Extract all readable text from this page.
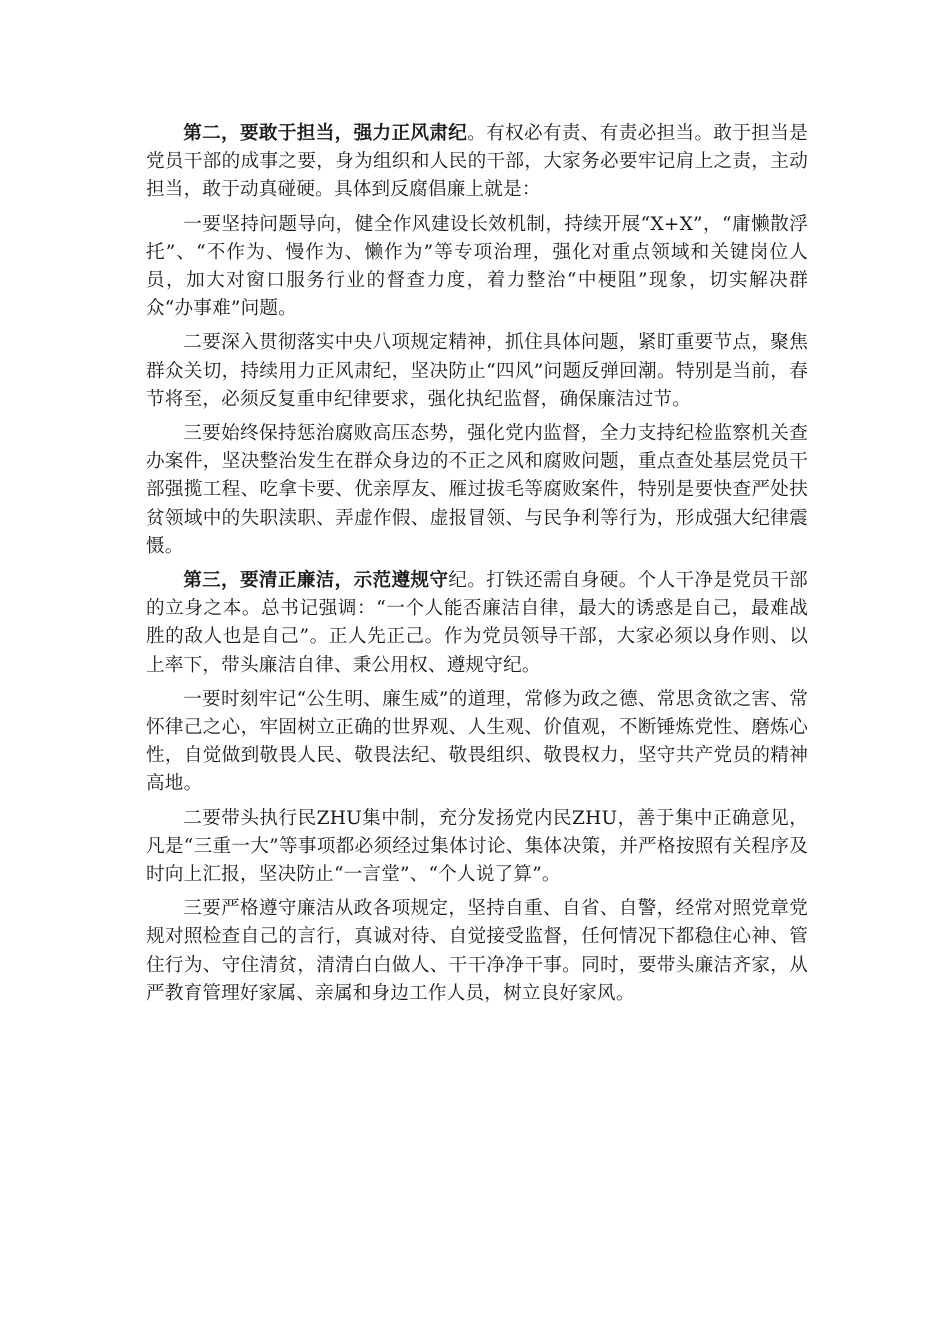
第二，要敢于担当，强力正风肃纪。有权必有责、有责必担当。敢于担当是党员干部的成事之要，身为组织和人民的干部，大家务必要牢记肩上之责，主动担当，敢于动真碰硬。具体到反腐倡廉上就是：

一要坚持问题导向，健全作风建设长效机制，持续开展“X+X”，“庸懒散浮托”、“不作为、慢作为、懒作为”等专项治理，强化对重点领域和关键岗位人员，加大对窗口服务行业的督查力度，着力整治“中梗阻”现象，切实解决群众“办事难”问题。

二要深入贯彻落实中央八项规定精神，抓住具体问题，紧盯重要节点，聚焦群众关切，持续用力正风肃纪，坚决防止“四风”问题反弹回潮。特别是当前，春节将至，必须反复重申纪律要求，强化执纪监督，确保廉洁过节。

三要始终保持惩治腐败高压态势，强化党内监督，全力支持纪检监察机关查办案件，坚决整治发生在群众身边的不正之风和腐败问题，重点查处基层党员干部强揽工程、吃拿卡要、优亲厚友、雁过拔毛等腐败案件，特别是要快查严处扶贫领域中的失职渎职、弄虚作假、虚报冒领、与民争利等行为，形成强大纪律震慑。

第三，要清正廉洁，示范遵规守纪。打铁还需自身硬。个人干净是党员干部的立身之本。总书记强调：“一个人能否廉洁自律，最大的诱惑是自己，最难战胜的敌人也是自己”。正人先正己。作为党员领导干部，大家必须以身作则、以上率下，带头廉洁自律、秉公用权、遵规守纪。

一要时刻牢记“公生明、廉生威”的道理，常修为政之德、常思贪欲之害、常怀律己之心，牢固树立正确的世界观、人生观、价值观，不断锤炼党性、磨炼心性，自觉做到敬畏人民、敬畏法纪、敬畏组织、敬畏权力，坚守共产党员的精神高地。

二要带头执行民ZHU集中制，充分发扬党内民ZHU，善于集中正确意见，凡是“三重一大”等事项都必须经过集体讨论、集体决策，并严格按照有关程序及时向上汇报，坚决防止“一言堂”、“个人说了算”。

三要严格遵守廉洁从政各项规定，坚持自重、自省、自警，经常对照党章党规对照检查自己的言行，真诚对待、自觉接受监督，任何情况下都稳住心神、管住行为、守住清贫，清清白白做人、干干净净干事。同时，要带头廉洁齐家，从严教育管理好家属、亲属和身边工作人员，树立良好家风。
